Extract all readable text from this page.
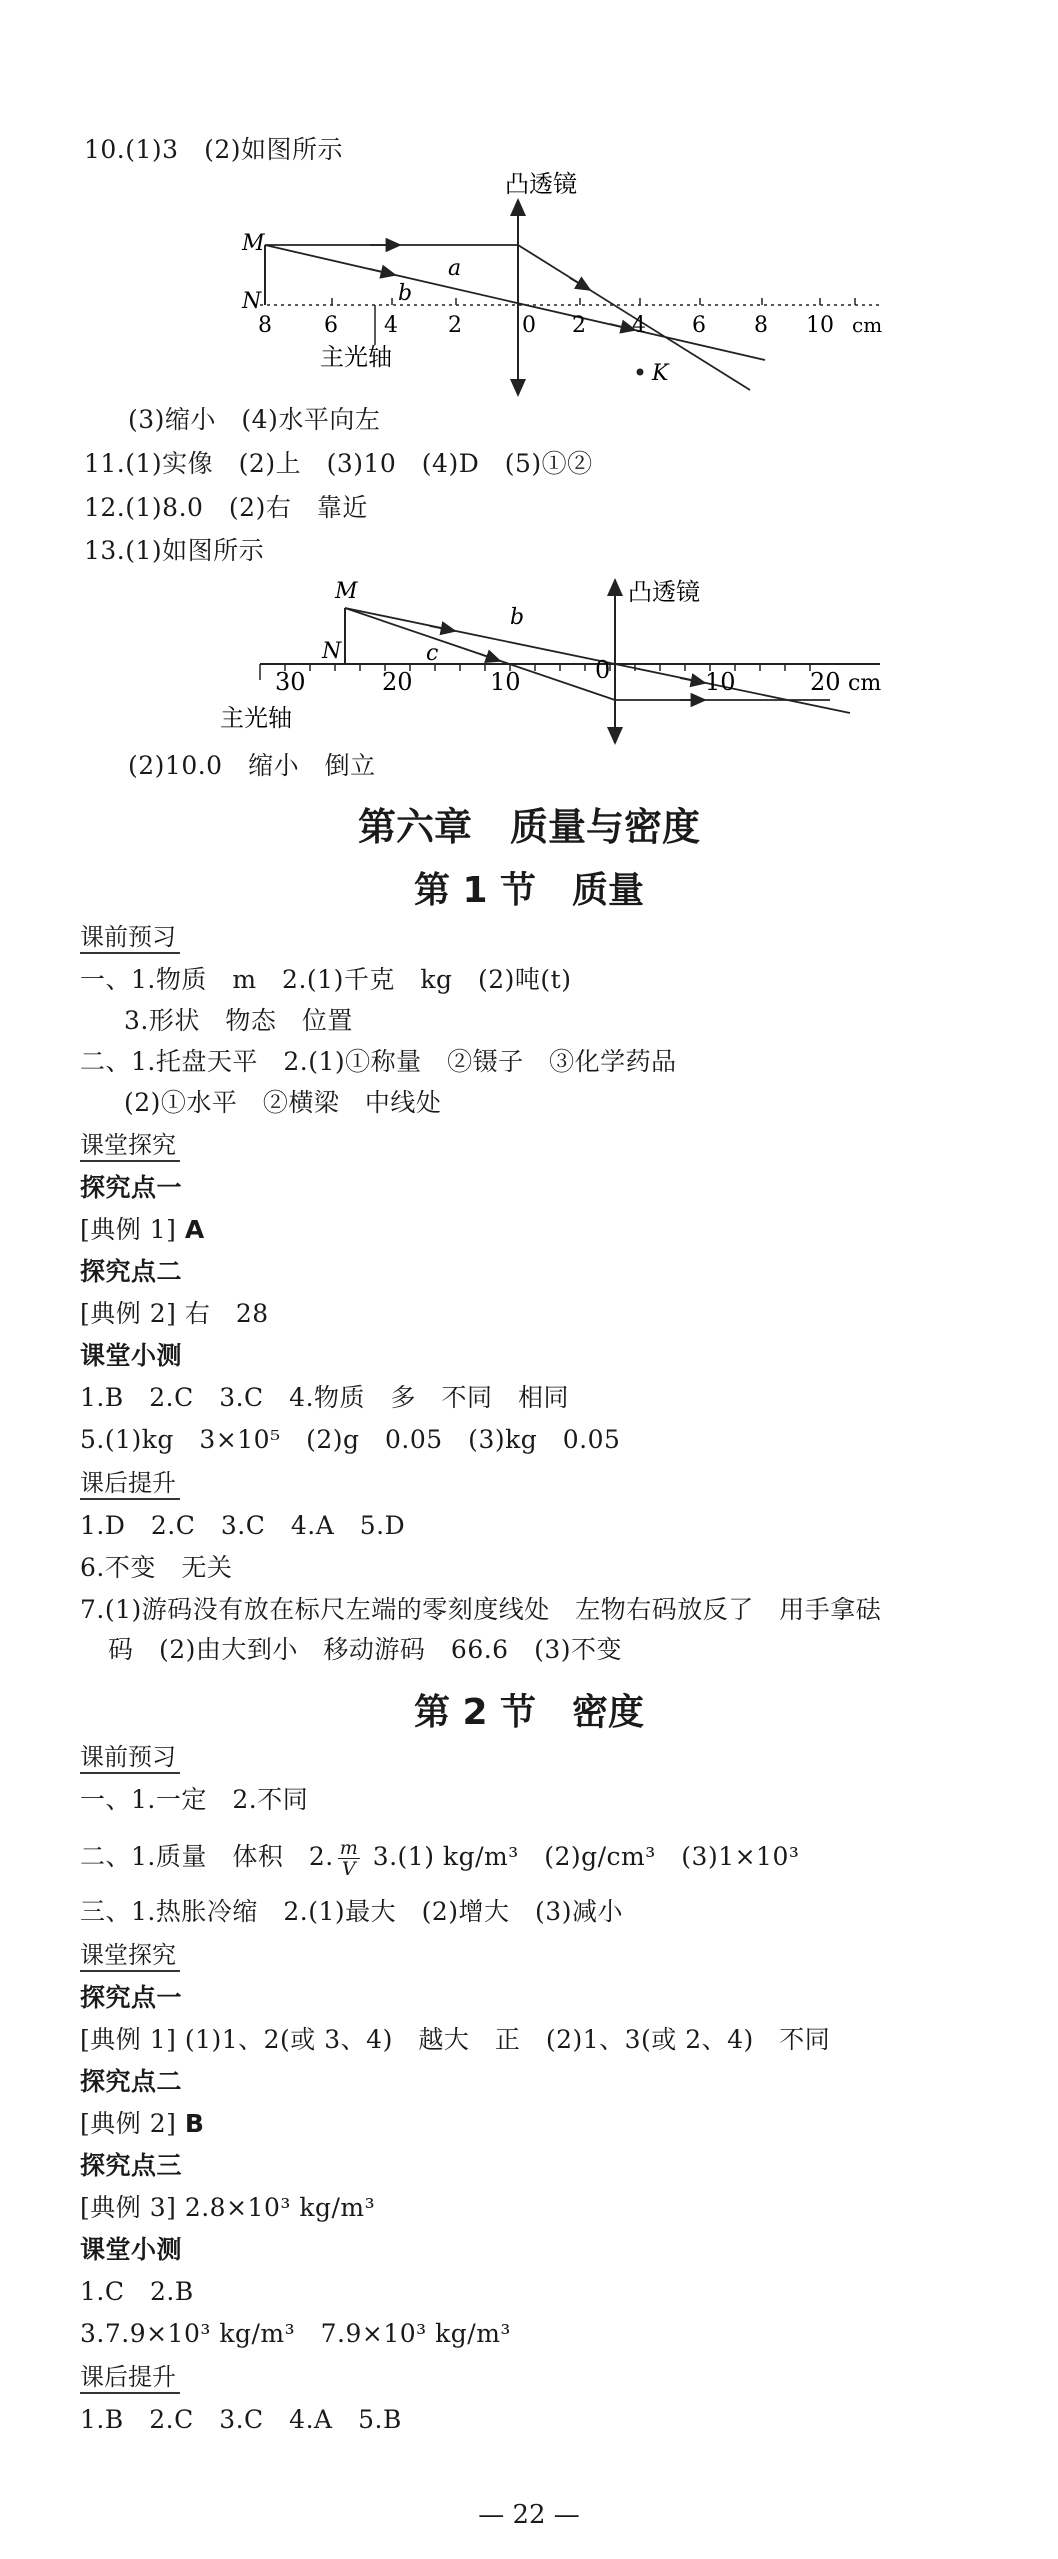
10.(1)3　(2)如图所示
凸透镜
M
N
a
b
K
主光轴
8 6 4 2	0 2 4 6 8 10 cm
(3)缩小　(4)水平向左
11.(1)实像　(2)上　(3)10　(4)D　(5)①②
12.(1)8.0　(2)右　靠近
13.(1)如图所示
凸透镜
M
N
b
c
主光轴
30	20	10	0	10	20 cm
(2)10.0　缩小　倒立
第六章　质量与密度
第 1 节　质量
课前预习
一、1.物质　m　2.(1)千克　kg　(2)吨(t)
3.形状　物态　位置
二、1.托盘天平　2.(1)①称量　②镊子　③化学药品
(2)①水平　②横梁　中线处
课堂探究
探究点一
[典例 1] A
探究点二
[典例 2] 右　28
课堂小测
1.B　2.C　3.C　4.物质　多　不同　相同
5.(1)kg　3×10⁵　(2)g　0.05　(3)kg　0.05
课后提升
1.D　2.C　3.C　4.A　5.D
6.不变　无关
7.(1)游码没有放在标尺左端的零刻度线处　左物右码放反了　用手拿砝
码　(2)由大到小　移动游码　66.6　(3)不变
第 2 节　密度
课前预习
一、1.一定　2.不同
二、1.质量　体积　2. $\frac{m}{V} 3.(1)$ kg/m³　(2)g/cm³　(3)1×10³
三、1.热胀冷缩　2.(1)最大　(2)增大　(3)减小
课堂探究
探究点一
[典例 1] (1)1、2(或 3、4)　越大　正　(2)1、3(或 2、4)　不同
探究点二
[典例 2] B
探究点三
[典例 3] 2.8×10³ kg/m³
课堂小测
1.C　2.B
3.7.9×10³ kg/m³　7.9×10³ kg/m³
课后提升
1.B　2.C　3.C　4.A　5.B
— 22 —
